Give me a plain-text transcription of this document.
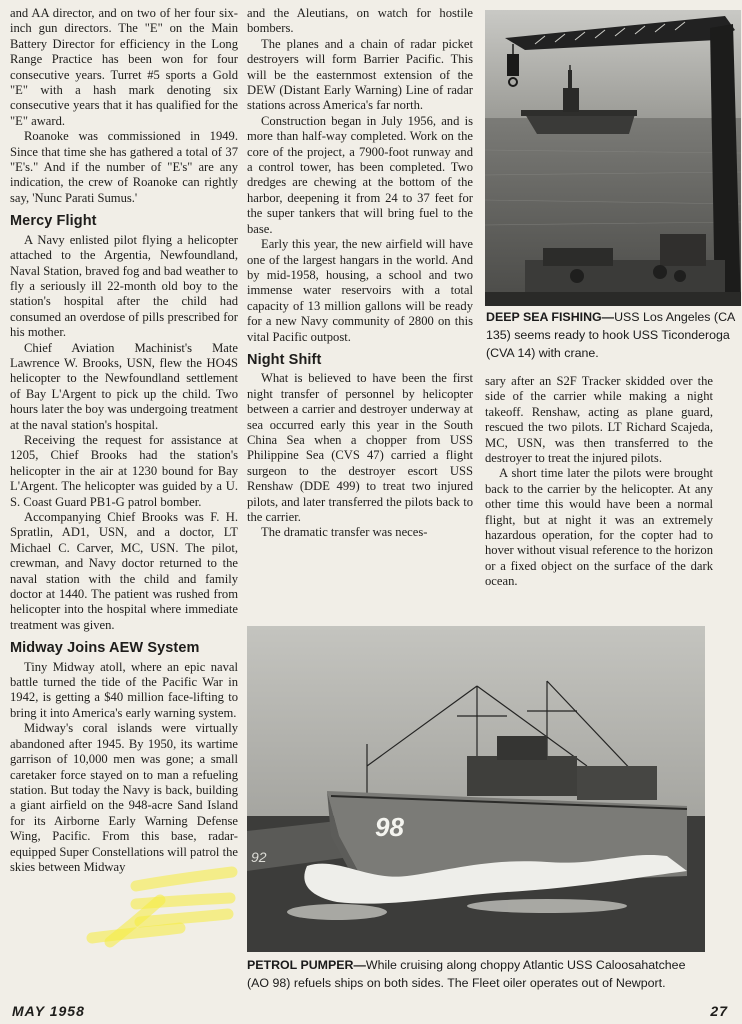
and AA director, and on two of her four six-inch gun directors. The "E" on the Main Battery Director for efficiency in the Long Range Practice has been won for four consecutive years. Turret #5 sports a Gold "E" with a hash mark denoting six consecutive years that it has qualified for the "E" award.

Roanoke was commissioned in 1949. Since that time she has gathered a total of 37 "E's." And if the number of "E's" are any indication, the crew of Roanoke can rightly say, 'Nunc Parati Sumus.'

Mercy Flight

A Navy enlisted pilot flying a helicopter attached to the Argentia, Newfoundland, Naval Station, braved fog and bad weather to fly a seriously ill 22-month old boy to the station's hospital after the child had consumed an overdose of pills prescribed for his mother.

Chief Aviation Machinist's Mate Lawrence W. Brooks, USN, flew the HO4S helicopter to the Newfoundland settlement of Bay L'Argent to pick up the child. Two hours later the boy was undergoing treatment at the naval station's hospital.

Receiving the request for assistance at 1205, Chief Brooks had the station's helicopter in the air at 1230 bound for Bay L'Argent. The helicopter was guided by a U. S. Coast Guard PB1-G patrol bomber.

Accompanying Chief Brooks was F. H. Spratlin, AD1, USN, and a doctor, LT Michael C. Carver, MC, USN. The pilot, crewman, and Navy doctor returned to the naval station with the child and family doctor at 1440. The patient was rushed from helicopter into the hospital where immediate treatment was given.

Midway Joins AEW System

Tiny Midway atoll, where an epic naval battle turned the tide of the Pacific War in 1942, is getting a $40 million face-lifting to bring it into America's early warning system.

Midway's coral islands were virtually abandoned after 1945. By 1950, its wartime garrison of 10,000 men was gone; a small caretaker force stayed on to man a refueling station. But today the Navy is back, building a giant airfield on the 948-acre Sand Island for its Airborne Early Warning Defense Wing, Pacific. From this base, radar-equipped Super Constellations will patrol the skies between Midway

and the Aleutians, on watch for hostile bombers.

The planes and a chain of radar picket destroyers will form Barrier Pacific. This will be the easternmost extension of the DEW (Distant Early Warning) Line of radar stations across America's far north.

Construction began in July 1956, and is more than half-way completed. Work on the core of the project, a 7900-foot runway and a control tower, has been completed. Two dredges are chewing at the bottom of the harbor, deepening it from 24 to 37 feet for the super tankers that will bring fuel to the base.

Early this year, the new airfield will have one of the largest hangars in the world. And by mid-1958, housing, a school and two immense water reservoirs with a total capacity of 13 million gallons will be ready for a new Navy community of 2800 on this vital Pacific outpost.

Night Shift

What is believed to have been the first night transfer of personnel by helicopter between a carrier and destroyer underway at sea occurred early this year in the South China Sea when a chopper from USS Philippine Sea (CVS 47) carried a flight surgeon to the destroyer escort USS Renshaw (DDE 499) to treat two injured pilots, and later transferred the pilots back to the carrier.

The dramatic transfer was neces-

DEEP SEA FISHING—USS Los Angeles (CA 135) seems ready to hook USS Ticonderoga (CVA 14) with crane.

sary after an S2F Tracker skidded over the side of the carrier while making a night takeoff. Renshaw, acting as plane guard, rescued the two pilots. LT Richard Scajeda, MC, USN, was then transferred to the destroyer to treat the injured pilots.

A short time later the pilots were brought back to the carrier by the helicopter. At any other time this would have been a normal flight, but at night it was an extremely hazardous operation, for the copter had to hover without visual reference to the horizon or a fixed object on the surface of the dark ocean.

92
98
PETROL PUMPER—While cruising along choppy Atlantic USS Caloosahatchee (AO 98) refuels ships on both sides. The Fleet oiler operates out of Newport.
MAY 1958	27
